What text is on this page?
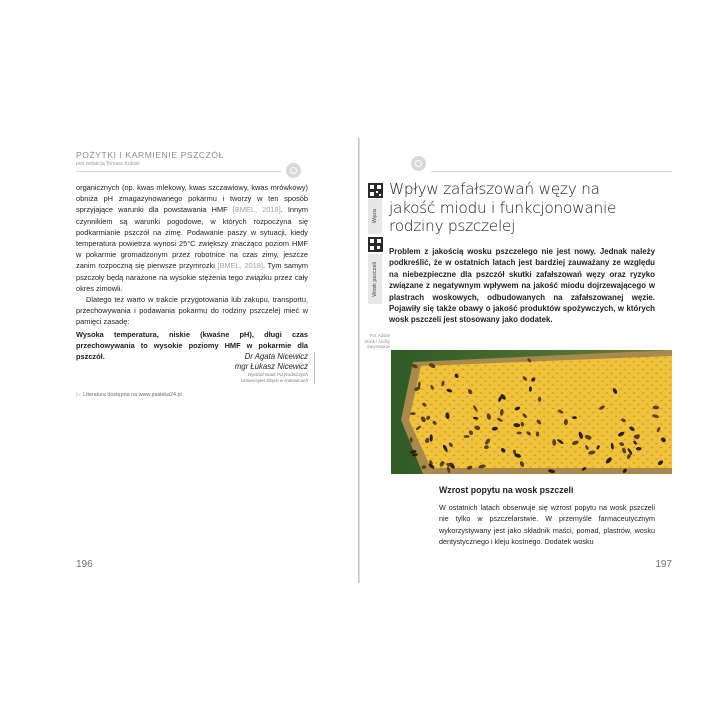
POŻYTKI I KARMIENIE PSZCZÓŁ
pod redakcją Tomasz Kubiak

organicznych (np. kwas mlekowy, kwas szczawiowy, kwas mrówkowy) obniża pH zmagazynowanego pokarmu i tworzy w ten sposób sprzyjające warunki dla powstawania HMF [BMEL, 2018]. Innym czynnikiem są warunki pogodowe, w których rozpoczyna się podkarmianie pszczół na zimę. Podawanie paszy w sytuacji, kiedy temperatura powietrza wynosi 25°C zwiększy znacząco poziom HMF w pokarmie gromadzonym przez robotnice na czas zimy, jeszcze zanim rozpoczną się pierwsze przymrozki [BMEL, 2018]. Tym samym pszczoły będą narażone na wysokie stężenia tego związku przez cały okres zimowli.

Dlatego też warto w trakcie przygotowania lub zakupu, transportu, przechowywania i podawania pokarmu do rodziny pszczelej mieć w pamięci zasadę:

Wysoka temperatura, niskie (kwaśne pH), długi czas przechowywania to wysokie poziomy HMF w pokarmie dla pszczół.	Dr Agata Nicewicz
mgr Łukasz Nicewicz
Wydział Nauk Przyrodniczych
Uniwersytet Śląski w Katowicach
▷ Literatura dostępna na www.pasieka24.pl
196
Węza
Wosk pszczeli
Wpływ zafałszowań węzy na jakość miodu i funkcjonowanie rodziny pszczelej
Problem z jakością wosku pszczelego nie jest nowy. Jednak należy podkreślić, że w ostatnich latach jest bardziej zauważany ze względu na niebezpieczne dla pszczół skutki zafałszowań węzy oraz ryzyko związane z negatywnym wpływem na jakość miodu dojrzewającego w plastrach woskowych, odbudowanych na zafałszowanej węzie. Pojawiły się także obawy o jakość produktów spożywczych, w których wosk pszczeli jest stosowany jako dodatek.
Fot. Adobe Stock / Andriy Sarymsakov
Wzrost popytu na wosk pszczeli
W ostatnich latach obserwuje się wzrost popytu na wosk pszczeli nie tylko w pszczelarstwie. W przemyśle farmaceutycznym wykorzystywany jest jako składnik maści, pomad, plastrów, wosku dentystycznego i kleju kostnego. Dodatek wosku
197
